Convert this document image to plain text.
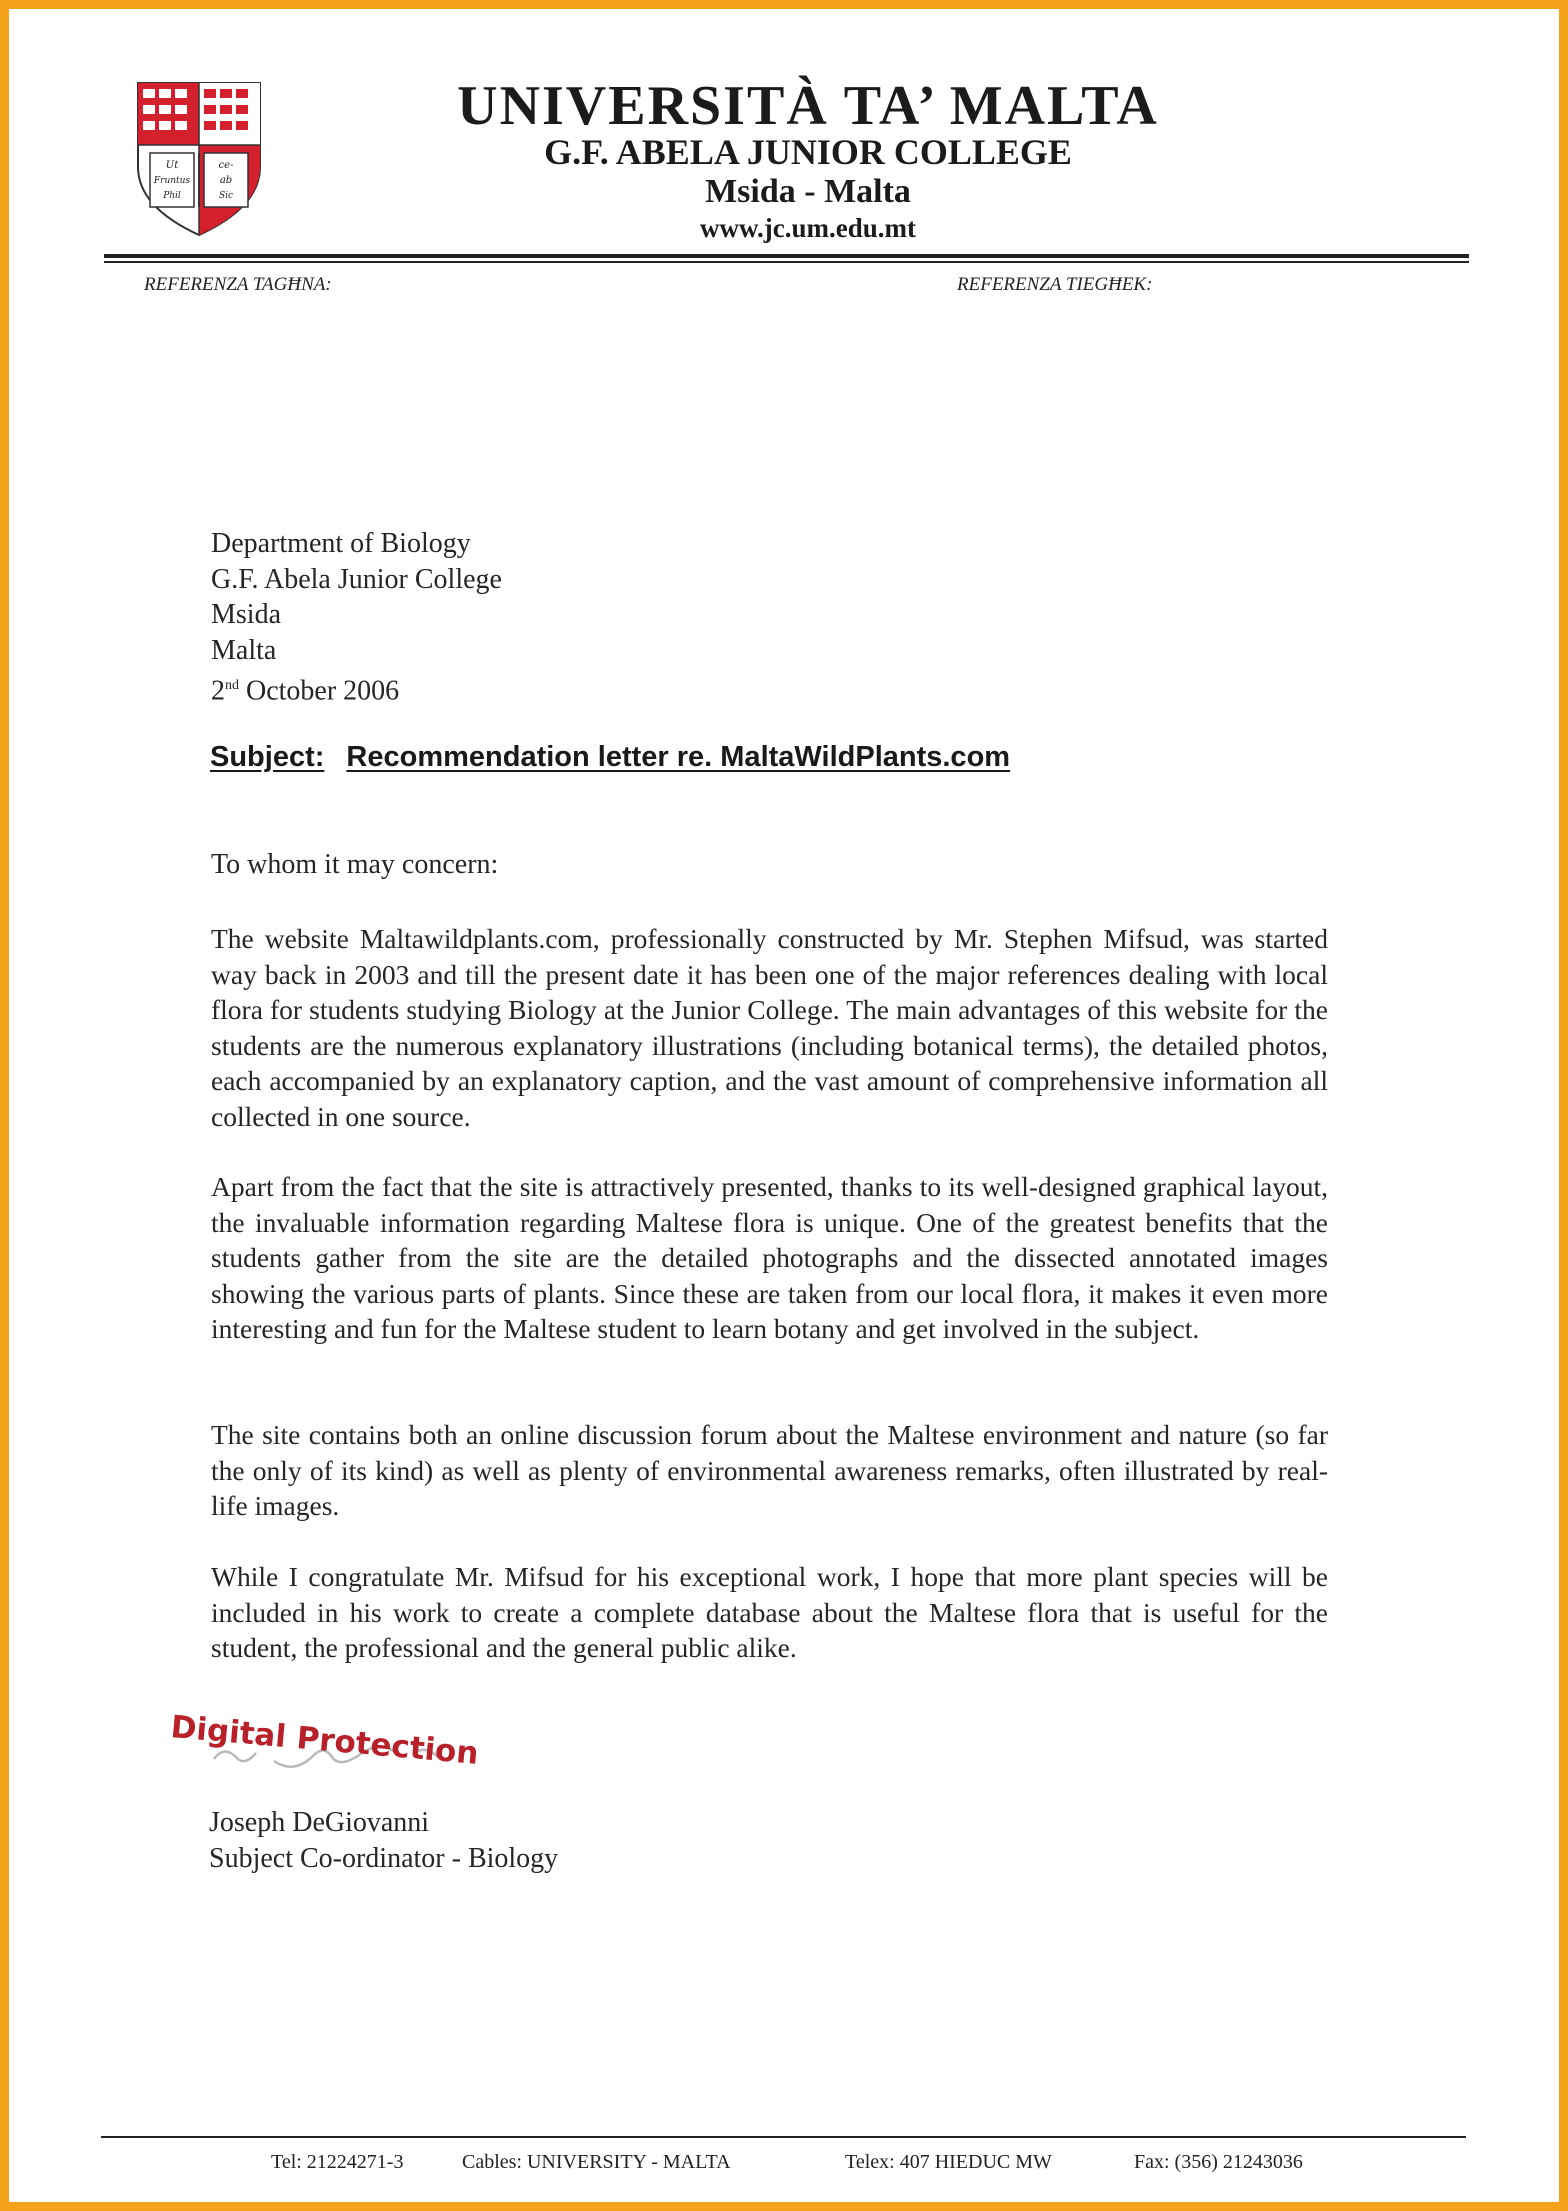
Ut	ce-
Fruntus	ab
Phil	Sic
UNIVERSITÀ TA’ MALTA
G.F. ABELA JUNIOR COLLEGE
Msida - Malta
www.jc.um.edu.mt
REFERENZA TAGĦNA:	REFERENZA TIEGĦEK:
Department of Biology
G.F. Abela Junior College
Msida
Malta
2nd October 2006
Subject: Recommendation letter re. MaltaWildPlants.com
To whom it may concern:

The website Maltawildplants.com, professionally constructed by Mr. Stephen Mifsud, was started way back in 2003 and till the present date it has been one of the major references dealing with local flora for students studying Biology at the Junior College. The main advantages of this website for the students are the numerous explanatory illustrations (including botanical terms), the detailed photos, each accompanied by an explanatory caption, and the vast amount of comprehensive information all collected in one source.

Apart from the fact that the site is attractively presented, thanks to its well-designed graphical layout, the invaluable information regarding Maltese flora is unique. One of the greatest benefits that the students gather from the site are the detailed photographs and the dissected annotated images showing the various parts of plants. Since these are taken from our local flora, it makes it even more interesting and fun for the Maltese student to learn botany and get involved in the subject.

The site contains both an online discussion forum about the Maltese environment and nature (so far the only of its kind) as well as plenty of environmental awareness remarks, often illustrated by real-life images.

While I congratulate Mr. Mifsud for his exceptional work, I hope that more plant species will be included in his work to create a complete database about the Maltese flora that is useful for the student, the professional and the general public alike.

Digital Protection
Joseph DeGiovanni
Subject Co-ordinator - Biology
Tel: 21224271-3	Cables: UNIVERSITY - MALTA	Telex: 407 HIEDUC MW	Fax: (356) 21243036
